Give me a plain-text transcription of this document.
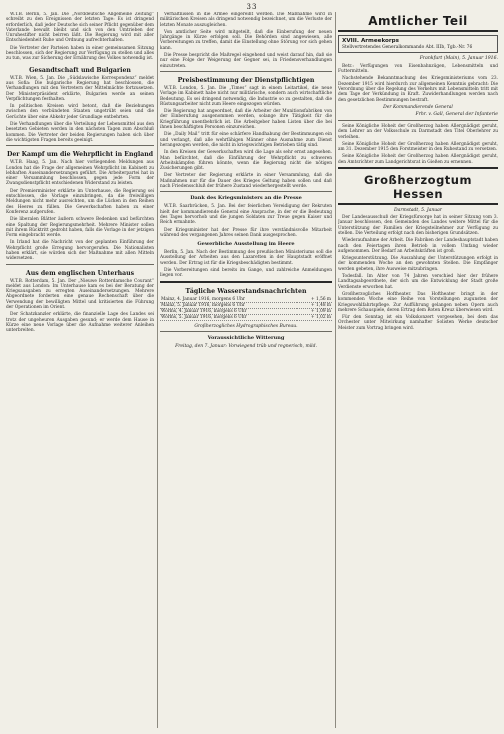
33

W.T.B. Berlin, 5. Jan. Die „Norddeutsche Allgemeine Zeitung“ schreibt zu den Ereignissen der letzten Tage: Es ist dringend erforderlich, daß jeder Deutsche sich seiner Pflicht gegenüber dem Vaterlande bewußt bleibt und sich von den Umtrieben der Unruhestifter nicht beirren läßt. Die Regierung wird mit aller Entschiedenheit Ruhe und Ordnung aufrechterhalten.

Die Vertreter der Parteien haben in einer gemeinsamen Sitzung beschlossen, sich der Regierung zur Verfügung zu stellen und alles zu tun, was zur Sicherung der Ernährung des Volkes notwendig ist.

Gesandtschaft und Bulgarien

W.T.B. Wien, 5. Jan. Die „Südslawische Korrespondenz“ meldet aus Sofia: Die bulgarische Regierung hat beschlossen, die Verhandlungen mit den Vertretern der Mittelmächte fortzusetzen. Der Ministerpräsident erklärte, Bulgarien werde an seinen Verpflichtungen festhalten.

In politischen Kreisen wird betont, daß die Beziehungen zwischen den verbündeten Staaten ungetrübt seien und die Gerüchte über eine Abkehr jeder Grundlage entbehrten.

Die Verhandlungen über die Verteilung der Lebensmittel aus den besetzten Gebieten werden in den nächsten Tagen zum Abschluß kommen. Die Vertreter der beiden Regierungen haben sich über die wichtigsten Fragen bereits geeinigt.

Der Kampf um die Wehrpflicht in England

W.T.B. Haag, 5. Jan. Nach hier vorliegenden Meldungen aus London hat die Frage der allgemeinen Wehrpflicht im Kabinett zu lebhaften Auseinandersetzungen geführt. Die Arbeiterpartei hat in einer Versammlung beschlossen, gegen jede Form der Zwangsdienstpflicht entschiedenen Widerstand zu leisten.

Der Premierminister erklärte im Unterhause, die Regierung sei entschlossen, die Vorlage einzubringen, da die freiwilligen Meldungen nicht mehr ausreichten, um die Lücken in den Reihen des Heeres zu füllen. Die Gewerkschaften haben zu einer Konferenz aufgerufen.

Die liberalen Blätter äußern schwere Bedenken und befürchten eine Spaltung der Regierungsmehrheit. Mehrere Minister sollen mit ihrem Rücktritt gedroht haben, falls die Vorlage in der jetzigen Form eingebracht werde.

In Irland hat die Nachricht von der geplanten Einführung der Wehrpflicht große Erregung hervorgerufen. Die Nationalisten haben erklärt, sie würden sich der Maßnahme mit allen Mitteln widersetzen.

Aus dem englischen Unterhaus

W.T.B. Rotterdam, 5. Jan. Der „Nieuwe Rotterdamsche Courant“ meldet aus London: Im Unterhause kam es bei der Beratung der Kriegsausgaben zu erregten Auseinandersetzungen. Mehrere Abgeordnete forderten eine genaue Rechenschaft über die Verwendung der bewilligten Mittel und kritisierten die Führung der Operationen im Orient.

Der Schatzkanzler erklärte, die finanzielle Lage des Landes sei trotz der ungeheuren Ausgaben gesund; er werde dem Hause in Kürze eine neue Vorlage über die Aufnahme weiterer Anleihen unterbreiten.

Verhältnissen in die Armee eingereiht werden. Die Maßnahme wird in militärischen Kreisen als dringend notwendig bezeichnet, um die Verluste der letzten Monate auszugleichen.

Von amtlicher Seite wird mitgeteilt, daß die Einberufung der neuen Jahrgänge in Kürze erfolgen soll. Die Behörden sind angewiesen, alle Vorbereitungen zu treffen, damit die Einstellung ohne Störung vor sich gehen kann.

Die Presse bespricht die Maßregel eingehend und weist darauf hin, daß sie nur eine Folge der Weigerung der Gegner sei, in Friedensverhandlungen einzutreten.

Preisbestimmung der Dienstpflichtigen

W.T.B. London, 5. Jan. Die „Times“ sagt in einem Leitartikel, die neue Vorlage im Kabinett habe nicht nur militärische, sondern auch wirtschaftliche Bedeutung. Es sei dringend notwendig, die Industrie so zu gestalten, daß die Rüstungsarbeiter nicht zum Heere eingezogen würden.

Die Regierung hat angeordnet, daß die Arbeiter der Munitionsfabriken von der Einberufung ausgenommen werden, solange ihre Tätigkeit für die Kriegführung unentbehrlich ist. Die Arbeitgeber haben Listen über die bei ihnen beschäftigten Personen einzureichen.

Die „Daily Mail“ tritt für eine schärfere Handhabung der Bestimmungen ein und verlangt, daß alle wehrfähigen Männer ohne Ausnahme zum Dienst herangezogen werden, die nicht in kriegswichtigen Betrieben tätig sind.

In den Kreisen der Gewerkschaften wird die Lage als sehr ernst angesehen. Man befürchtet, daß die Einführung der Wehrpflicht zu schweren Arbeitskämpfen führen könnte, wenn die Regierung nicht die nötigen Zusicherungen gibt.

Der Vertreter der Regierung erklärte in einer Versammlung, daß die Maßnahmen nur für die Dauer des Krieges Geltung haben sollen und daß nach Friedensschluß der frühere Zustand wiederhergestellt werde.

Dank des Kriegsministers an die Presse

W.T.B. Saarbrücken, 5. Jan. Bei der feierlichen Vereidigung der Rekruten hielt der kommandierende General eine Ansprache, in der er die Bedeutung des Tages hervorhob und die jungen Soldaten zur Treue gegen Kaiser und Reich ermahnte.

Der Kriegsminister hat der Presse für ihre verständnisvolle Mitarbeit während des vergangenen Jahres seinen Dank ausgesprochen.

Gewerbliche Ausstellung im Heere

Berlin, 5. Jan. Nach der Bestimmung des preußischen Ministeriums soll die Ausstellung der Arbeiten aus den Lazaretten in der Hauptstadt eröffnet werden. Der Ertrag ist für die Kriegsbeschädigten bestimmt.

Die Vorbereitungen sind bereits im Gange, und zahlreiche Anmeldungen liegen vor.

Tägliche Wasserstandsnachrichten
Mainz, 4. Januar 1916, morgens 6 Uhr	+ 1,56 m
Mainz, 5. Januar 1916, morgens 6 Uhr	+ 1,48 m
Worms, 4. Januar 1916, morgens 6 Uhr	+ 1,09 m
Worms, 5. Januar 1916, morgens 6 Uhr	+ 1,02 m
Großherzogliches Hydrographisches Bureau.
Voraussichtliche Witterung
Freitag, den 7. Januar: Vorwiegend trüb und regnerisch, mild.
Amtlicher Teil
XVIII. Armeekorps
Stellvertretendes Generalkommando Abt. IIIb, Tgb.-Nr. 76
Frankfurt (Main), 5. Januar 1916.

Betr.: Verfügungen von Eisenbahnzügen, Lebensmitteln und Futtermitteln.

Nachstehende Bekanntmachung des Kriegsministeriums vom 23. Dezember 1915 wird hierdurch zur allgemeinen Kenntnis gebracht: Die Verordnung über die Regelung des Verkehrs mit Lebensmitteln tritt mit dem Tage der Verkündung in Kraft. Zuwiderhandlungen werden nach den gesetzlichen Bestimmungen bestraft.

Der Kommandierende General
Frhr. v. Gall, General der Infanterie

Seine Königliche Hoheit der Großherzog haben Allergnädigst geruht, dem Lehrer an der Volksschule zu Darmstadt den Titel Oberlehrer zu verleihen.

Seine Königliche Hoheit der Großherzog haben Allergnädigst geruht, am 31. Dezember 1915 den Forstmeister in den Ruhestand zu versetzen.

Seine Königliche Hoheit der Großherzog haben Allergnädigst geruht, den Amtsrichter zum Landgerichtsrat in Gießen zu ernennen.

Großherzogtum Hessen
Darmstadt, 5. Januar

Der Landesausschuß der Kriegsfürsorge hat in seiner Sitzung vom 3. Januar beschlossen, den Gemeinden des Landes weitere Mittel für die Unterstützung der Familien der Kriegsteilnehmer zur Verfügung zu stellen. Die Verteilung erfolgt nach den bisherigen Grundsätzen.

Wiederaufnahme der Arbeit. Die Fabriken der Landeshauptstadt haben nach den Feiertagen ihren Betrieb in vollem Umfang wieder aufgenommen. Der Bedarf an Arbeitskräften ist groß.

Kriegsunterstützung. Die Auszahlung der Unterstützungen erfolgt in der kommenden Woche an den gewohnten Stellen. Die Empfänger werden gebeten, ihre Ausweise mitzubringen.

Todesfall. Im Alter von 74 Jahren verschied hier der frühere Landtagsabgeordnete, der sich um die Entwicklung der Stadt große Verdienste erworben hat.

Großherzogliches Hoftheater. Das Hoftheater bringt in der kommenden Woche eine Reihe von Vorstellungen zugunsten der Kriegswohlfahrtspflege. Zur Aufführung gelangen neben Opern auch mehrere Schauspiele, deren Ertrag dem Roten Kreuz überwiesen wird.

Für den Sonntag ist ein Volkskonzert vorgesehen, bei dem das Orchester unter Mitwirkung namhafter Solisten Werke deutscher Meister zum Vortrag bringen wird.
